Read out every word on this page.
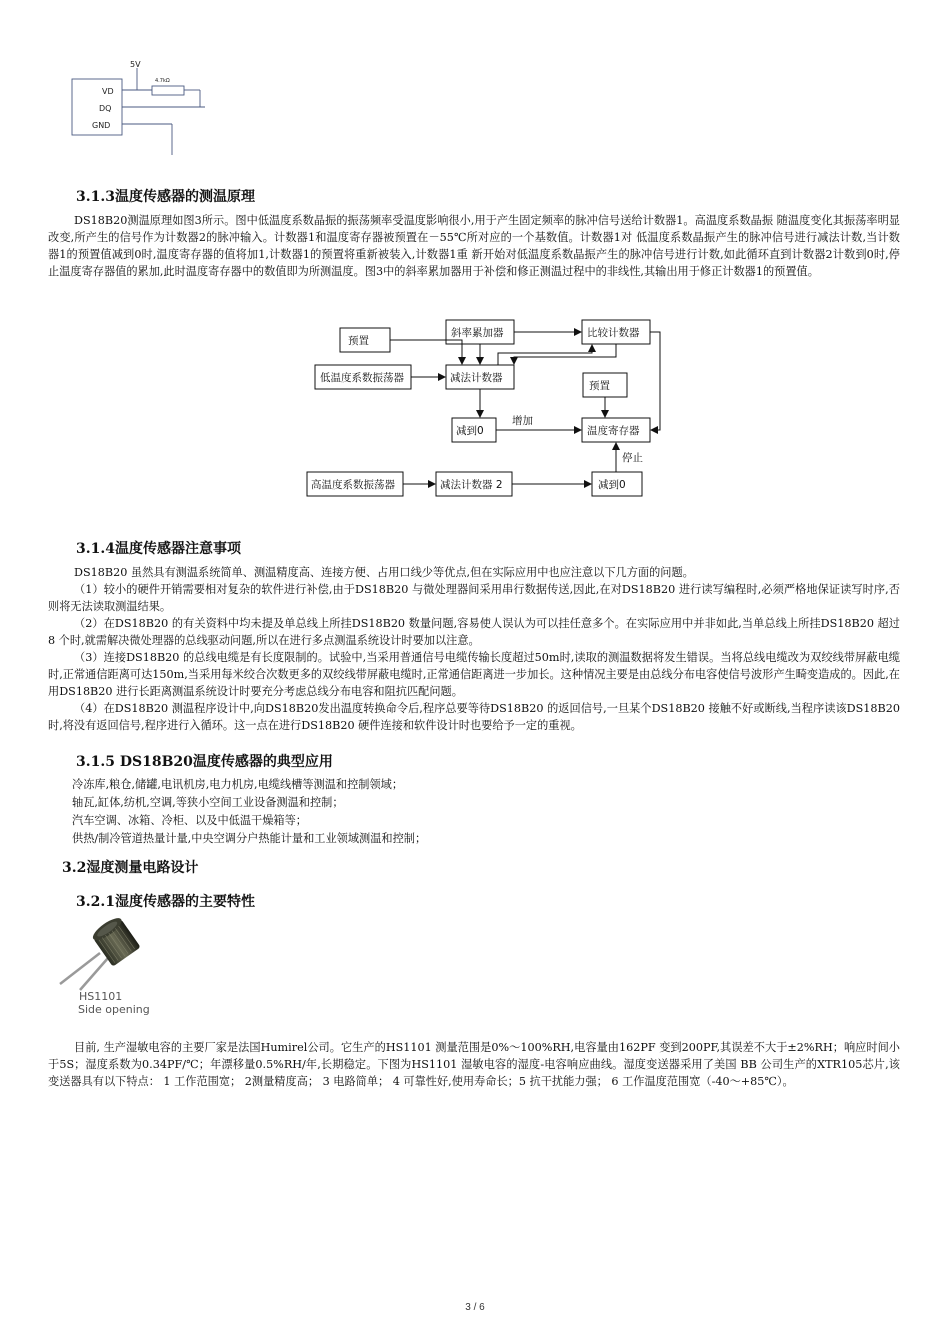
5V
4.7kΩ
VD
DQ
GND
3.1.3温度传感器的测温原理

DS18B20测温原理如图3所示。图中低温度系数晶振的振荡频率受温度影响很小,用于产生固定频率的脉冲信号送给计数器1。高温度系数晶振 随温度变化其振荡率明显改变,所产生的信号作为计数器2的脉冲输入。计数器1和温度寄存器被预置在－55℃所对应的一个基数值。计数器1对 低温度系数晶振产生的脉冲信号进行减法计数,当计数器1的预置值减到0时,温度寄存器的值将加1,计数器1的预置将重新被装入,计数器1重 新开始对低温度系数晶振产生的脉冲信号进行计数,如此循环直到计数器2计数到0时,停止温度寄存器值的累加,此时温度寄存器中的数值即为所测温度。图3中的斜率累加器用于补偿和修正测温过程中的非线性,其输出用于修正计数器1的预置值。

预置
斜率累加器	比较计数器
低温度系数振荡器	减法计数器
预置
减到0
增加
温度寄存器
停止
高温度系数振荡器	减法计数器 2	减到0
3.1.4温度传感器注意事项

DS18B20 虽然具有测温系统简单、测温精度高、连接方便、占用口线少等优点,但在实际应用中也应注意以下几方面的问题。

（1）较小的硬件开销需要相对复杂的软件进行补偿,由于DS18B20 与微处理器间采用串行数据传送,因此,在对DS18B20 进行读写编程时,必须严格地保证读写时序,否则将无法读取测温结果。

（2）在DS18B20 的有关资料中均未提及单总线上所挂DS18B20 数量问题,容易使人误认为可以挂任意多个。在实际应用中并非如此,当单总线上所挂DS18B20 超过8 个时,就需解决微处理器的总线驱动问题,所以在进行多点测温系统设计时要加以注意。

（3）连接DS18B20 的总线电缆是有长度限制的。试验中,当采用普通信号电缆传输长度超过50m时,读取的测温数据将发生错误。当将总线电缆改为双绞线带屏蔽电缆时,正常通信距离可达150m,当采用每米绞合次数更多的双绞线带屏蔽电缆时,正常通信距离进一步加长。这种情况主要是由总线分布电容使信号波形产生畸变造成的。因此,在用DS18B20 进行长距离测温系统设计时要充分考虑总线分布电容和阻抗匹配问题。

（4）在DS18B20 测温程序设计中,向DS18B20发出温度转换命令后,程序总要等待DS18B20 的返回信号,一旦某个DS18B20 接触不好或断线,当程序读该DS18B20 时,将没有返回信号,程序进行入循环。这一点在进行DS18B20 硬件连接和软件设计时也要给予一定的重视。

3.1.5 DS18B20温度传感器的典型应用
冷冻库,粮仓,储罐,电讯机房,电力机房,电缆线槽等测温和控制领域；
轴瓦,缸体,纺机,空调,等狭小空间工业设备测温和控制；
汽车空调、冰箱、冷柜、以及中低温干燥箱等；
供热/制冷管道热量计量,中央空调分户热能计量和工业领域测温和控制；
3.2湿度测量电路设计
3.2.1湿度传感器的主要特性
HS1101
Side opening

目前, 生产湿敏电容的主要厂家是法国Humirel公司。它生产的HS1101 测量范围是0%～100%RH,电容量由162PF 变到200PF,其误差不大于±2%RH；响应时间小于5S；湿度系数为0.34PF/℃；年漂移量0.5%RH/年,长期稳定。下图为HS1101 湿敏电容的湿度-电容响应曲线。湿度变送器采用了美国 BB 公司生产的XTR105芯片,该变送器具有以下特点： 1 工作范围宽； 2测量精度高； 3 电路简单； 4 可靠性好,使用寿命长；5 抗干扰能力强； 6 工作温度范围宽（-40～+85℃）。

3 / 6
